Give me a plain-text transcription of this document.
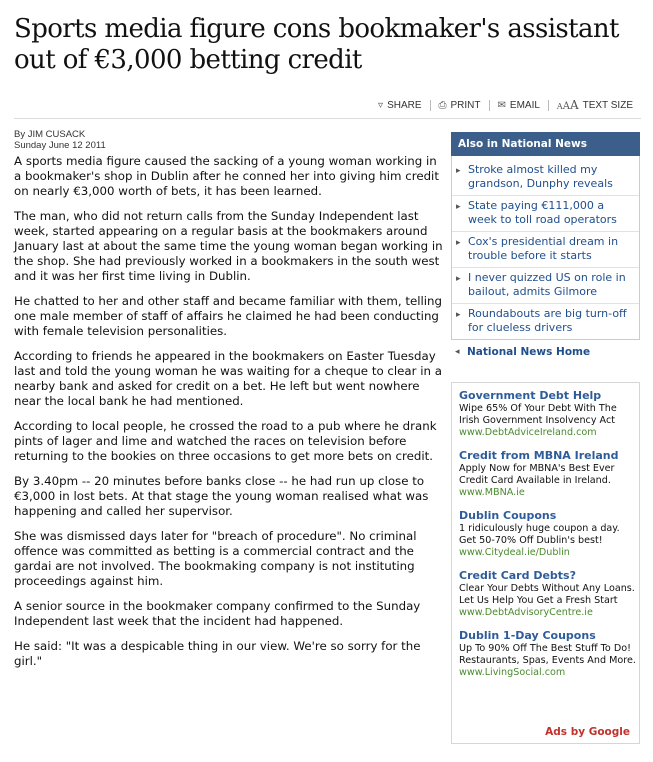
Sports media figure cons bookmaker's assistant out of €3,000 betting credit
▿ SHARE ⎙ PRINT ✉ EMAIL AAA TEXT SIZE
By JIM CUSACK
Sunday June 12 2011

A sports media figure caused the sacking of a young woman working in a bookmaker's shop in Dublin after he conned her into giving him credit on nearly €3,000 worth of bets, it has been learned.

The man, who did not return calls from the Sunday Independent last week, started appearing on a regular basis at the bookmakers around January last at about the same time the young woman began working in the shop. She had previously worked in a bookmakers in the south west and it was her first time living in Dublin.

He chatted to her and other staff and became familiar with them, telling one male member of staff of affairs he claimed he had been conducting with female television personalities.

According to friends he appeared in the bookmakers on Easter Tuesday last and told the young woman he was waiting for a cheque to clear in a nearby bank and asked for credit on a bet. He left but went nowhere near the local bank he had mentioned.

According to local people, he crossed the road to a pub where he drank pints of lager and lime and watched the races on television before returning to the bookies on three occasions to get more bets on credit.

By 3.40pm -- 20 minutes before banks close -- he had run up close to €3,000 in lost bets. At that stage the young woman realised what was happening and called her supervisor.

She was dismissed days later for "breach of procedure". No criminal offence was committed as betting is a commercial contract and the gardai are not involved. The bookmaking company is not instituting proceedings against him.

A senior source in the bookmaker company confirmed to the Sunday Independent last week that the incident had happened.

He said: "It was a despicable thing in our view. We're so sorry for the girl."

Also in National News
▸ Stroke almost killed my grandson, Dunphy reveals
▸ State paying €111,000 a week to toll road operators
▸ Cox's presidential dream in trouble before it starts
▸ I never quizzed US on role in bailout, admits Gilmore
▸ Roundabouts are big turn-off for clueless drivers
◂ National News Home
Government Debt Help
Wipe 65% Of Your Debt With The Irish Government Insolvency Act
www.DebtAdviceIreland.com
Credit from MBNA Ireland
Apply Now for MBNA's Best Ever Credit Card Available in Ireland.
www.MBNA.ie
Dublin Coupons
1 ridiculously huge coupon a day. Get 50-70% Off Dublin's best!
www.Citydeal.ie/Dublin
Credit Card Debts?
Clear Your Debts Without Any Loans. Let Us Help You Get a Fresh Start
www.DebtAdvisoryCentre.ie
Dublin 1-Day Coupons
Up To 90% Off The Best Stuff To Do! Restaurants, Spas, Events And More.
www.LivingSocial.com
Ads by Google
